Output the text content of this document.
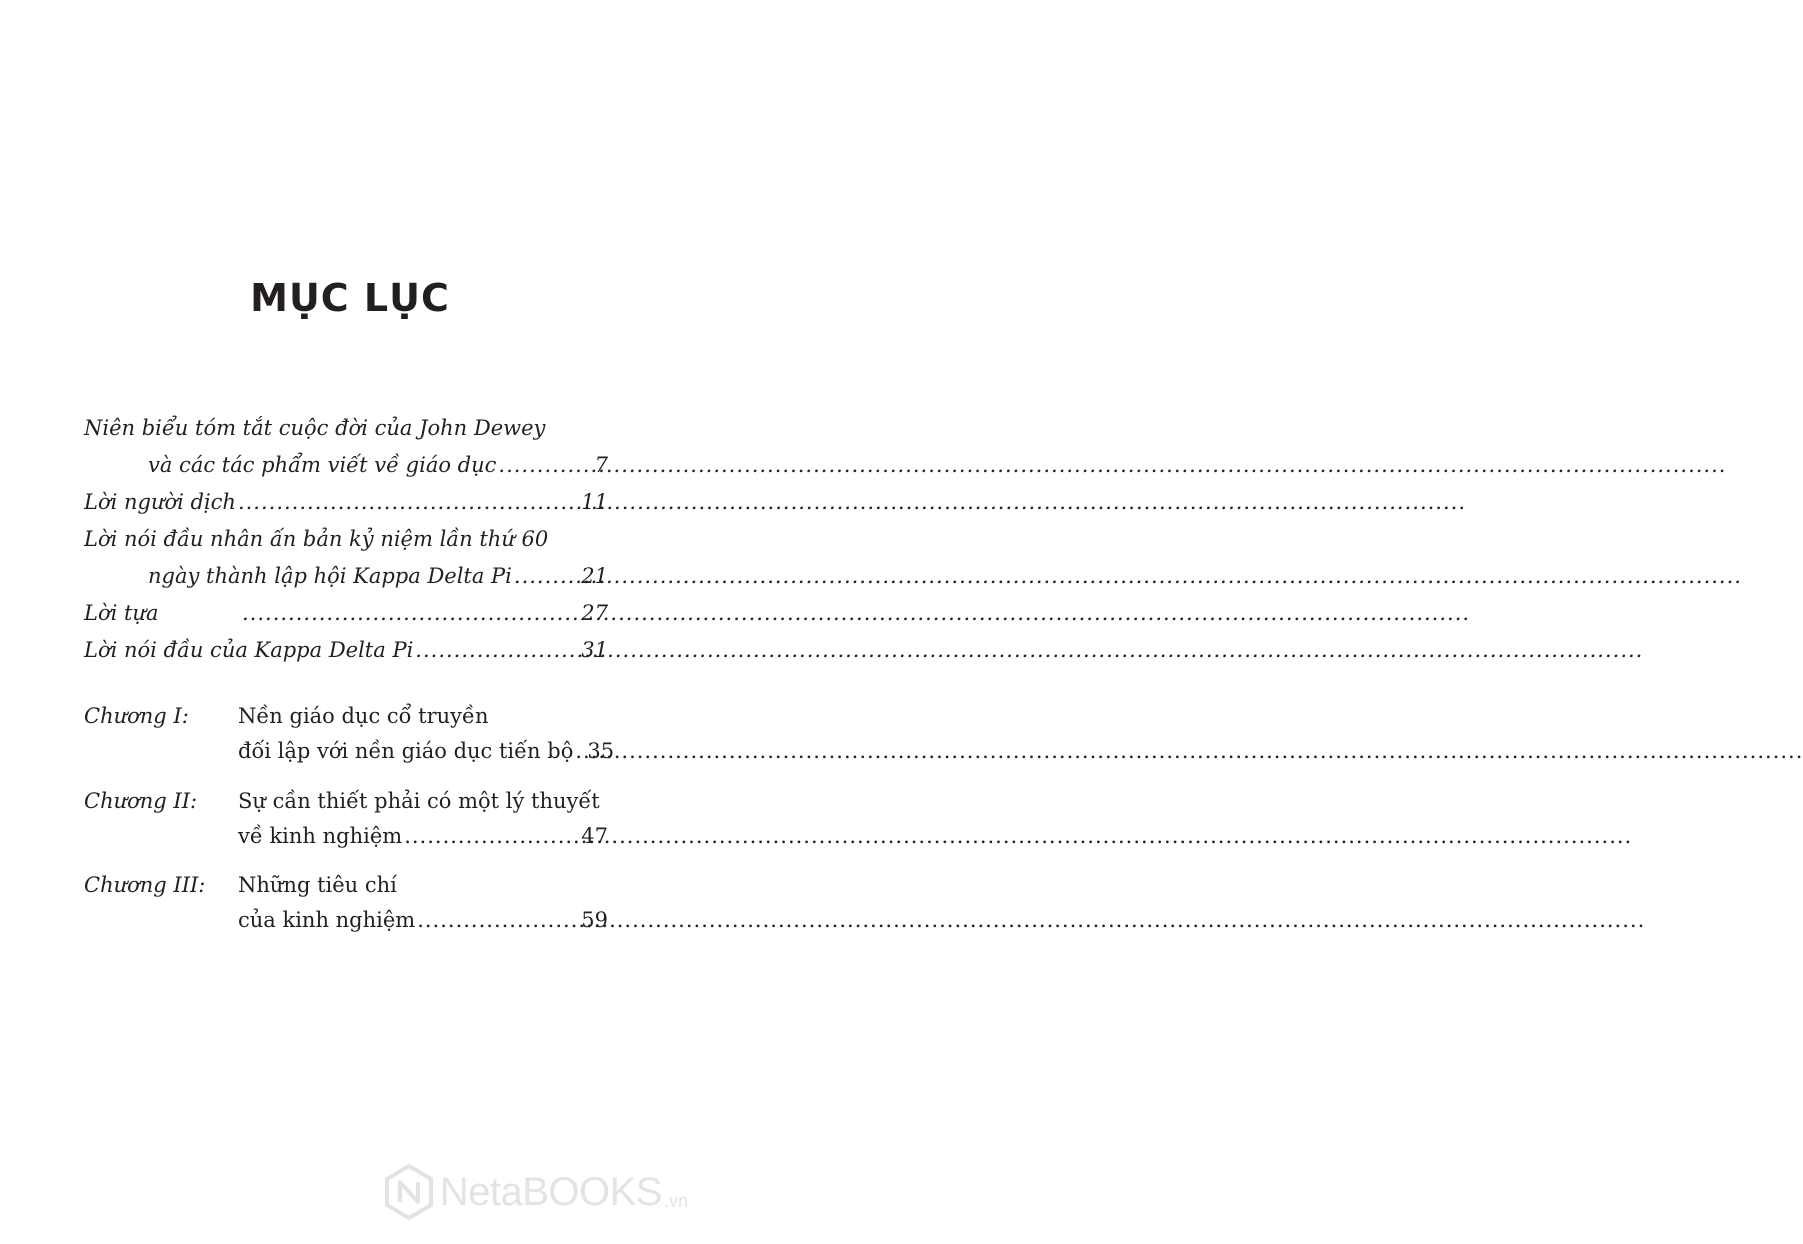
MỤC LỤC
Niên biểu tóm tắt cuộc đời của John Dewey
và các tác phẩm viết về giáo dục .....	7
Lời người dịch .....	11
Lời nói đầu nhân ấn bản kỷ niệm lần thứ 60
ngày thành lập hội Kappa Delta Pi .....	21
Lời tựa .....	27
Lời nói đầu của Kappa Delta Pi .....	31
Chương I: Nền giáo dục cổ truyền
đối lập với nền giáo dục tiến bộ ..... 35
Chương II: Sự cần thiết phải có một lý thuyết
về kinh nghiệm .....	47
Chương III: Những tiêu chí
của kinh nghiệm .....	59
NetaBOOKS .vn
